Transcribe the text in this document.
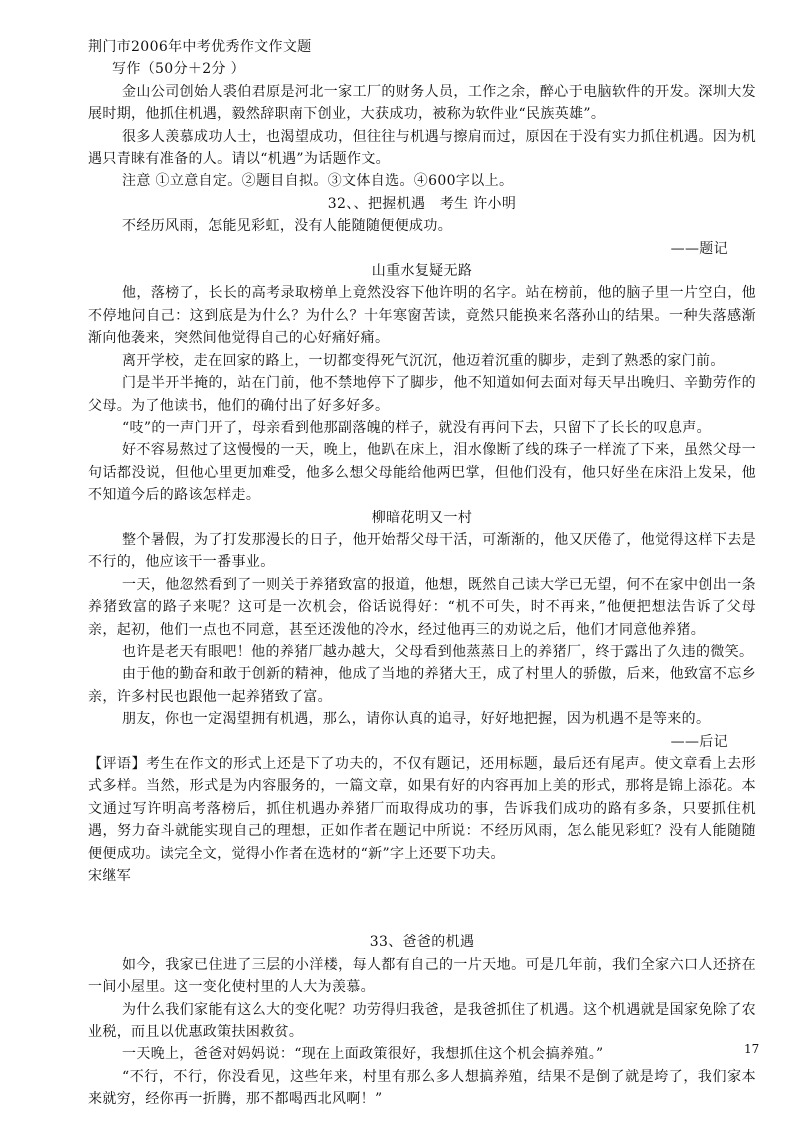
荆门市2006年中考优秀作文作文题

写作（50分＋2分 ）

金山公司创始人裘伯君原是河北一家工厂的财务人员，工作之余，醉心于电脑软件的开发。深圳大发展时期，他抓住机遇，毅然辞职南下创业，大获成功，被称为软件业“民族英雄”。

很多人羡慕成功人士，也渴望成功，但往往与机遇与擦肩而过，原因在于没有实力抓住机遇。因为机遇只青睐有准备的人。请以“机遇”为话题作文。

注意 ①立意自定。②题目自拟。③文体自选。④600字以上。

32、、把握机遇　考生 许小明

不经历风雨，怎能见彩虹，没有人能随随便便成功。

——题记

山重水复疑无路

他，落榜了，长长的高考录取榜单上竟然没容下他许明的名字。站在榜前，他的脑子里一片空白，他不停地问自己：这到底是为什么？为什么？十年寒窗苦读，竟然只能换来名落孙山的结果。一种失落感渐渐向他袭来，突然间他觉得自己的心好痛好痛。

离开学校，走在回家的路上，一切都变得死气沉沉，他迈着沉重的脚步，走到了熟悉的家门前。

门是半开半掩的，站在门前，他不禁地停下了脚步，他不知道如何去面对每天早出晚归、辛勤劳作的父母。为了他读书，他们的确付出了好多好多。

“吱”的一声门开了，母亲看到他那副落魄的样子，就没有再问下去，只留下了长长的叹息声。

好不容易熬过了这慢慢的一天，晚上，他趴在床上，泪水像断了线的珠子一样流了下来，虽然父母一句话都没说，但他心里更加难受，他多么想父母能给他两巴掌，但他们没有，他只好坐在床沿上发呆，他不知道今后的路该怎样走。

柳暗花明又一村

整个暑假，为了打发那漫长的日子，他开始帮父母干活，可渐渐的，他又厌倦了，他觉得这样下去是不行的，他应该干一番事业。

一天，他忽然看到了一则关于养猪致富的报道，他想，既然自己读大学已无望，何不在家中创出一条养猪致富的路子来呢？这可是一次机会，俗话说得好：“机不可失，时不再来，”他便把想法告诉了父母亲，起初，他们一点也不同意，甚至还泼他的冷水，经过他再三的劝说之后，他们才同意他养猪。

也许是老天有眼吧！他的养猪厂越办越大，父母看到他蒸蒸日上的养猪厂，终于露出了久违的微笑。

由于他的勤奋和敢于创新的精神，他成了当地的养猪大王，成了村里人的骄傲，后来，他致富不忘乡亲，许多村民也跟他一起养猪致了富。

朋友，你也一定渴望拥有机遇，那么，请你认真的追寻，好好地把握，因为机遇不是等来的。

——后记

【评语】考生在作文的形式上还是下了功夫的，不仅有题记，还用标题，最后还有尾声。使文章看上去形式多样。当然，形式是为内容服务的，一篇文章，如果有好的内容再加上美的形式，那将是锦上添花。本文通过写许明高考落榜后，抓住机遇办养猪厂而取得成功的事，告诉我们成功的路有多条，只要抓住机遇，努力奋斗就能实现自己的理想，正如作者在题记中所说：不经历风雨，怎么能见彩虹？没有人能随随便便成功。读完全文，觉得小作者在选材的“新”字上还要下功夫。

宋继军

33、爸爸的机遇

如今，我家已住进了三层的小洋楼，每人都有自己的一片天地。可是几年前，我们全家六口人还挤在一间小屋里。这一变化使村里的人大为羡慕。

为什么我们家能有这么大的变化呢？功劳得归我爸，是我爸抓住了机遇。这个机遇就是国家免除了农业税，而且以优惠政策扶困救贫。

一天晚上，爸爸对妈妈说：“现在上面政策很好，我想抓住这个机会搞养殖。”

“不行，不行，你没看见，这些年来，村里有那么多人想搞养殖，结果不是倒了就是垮了，我们家本来就穷，经你再一折腾，那不都喝西北风啊！”

17
